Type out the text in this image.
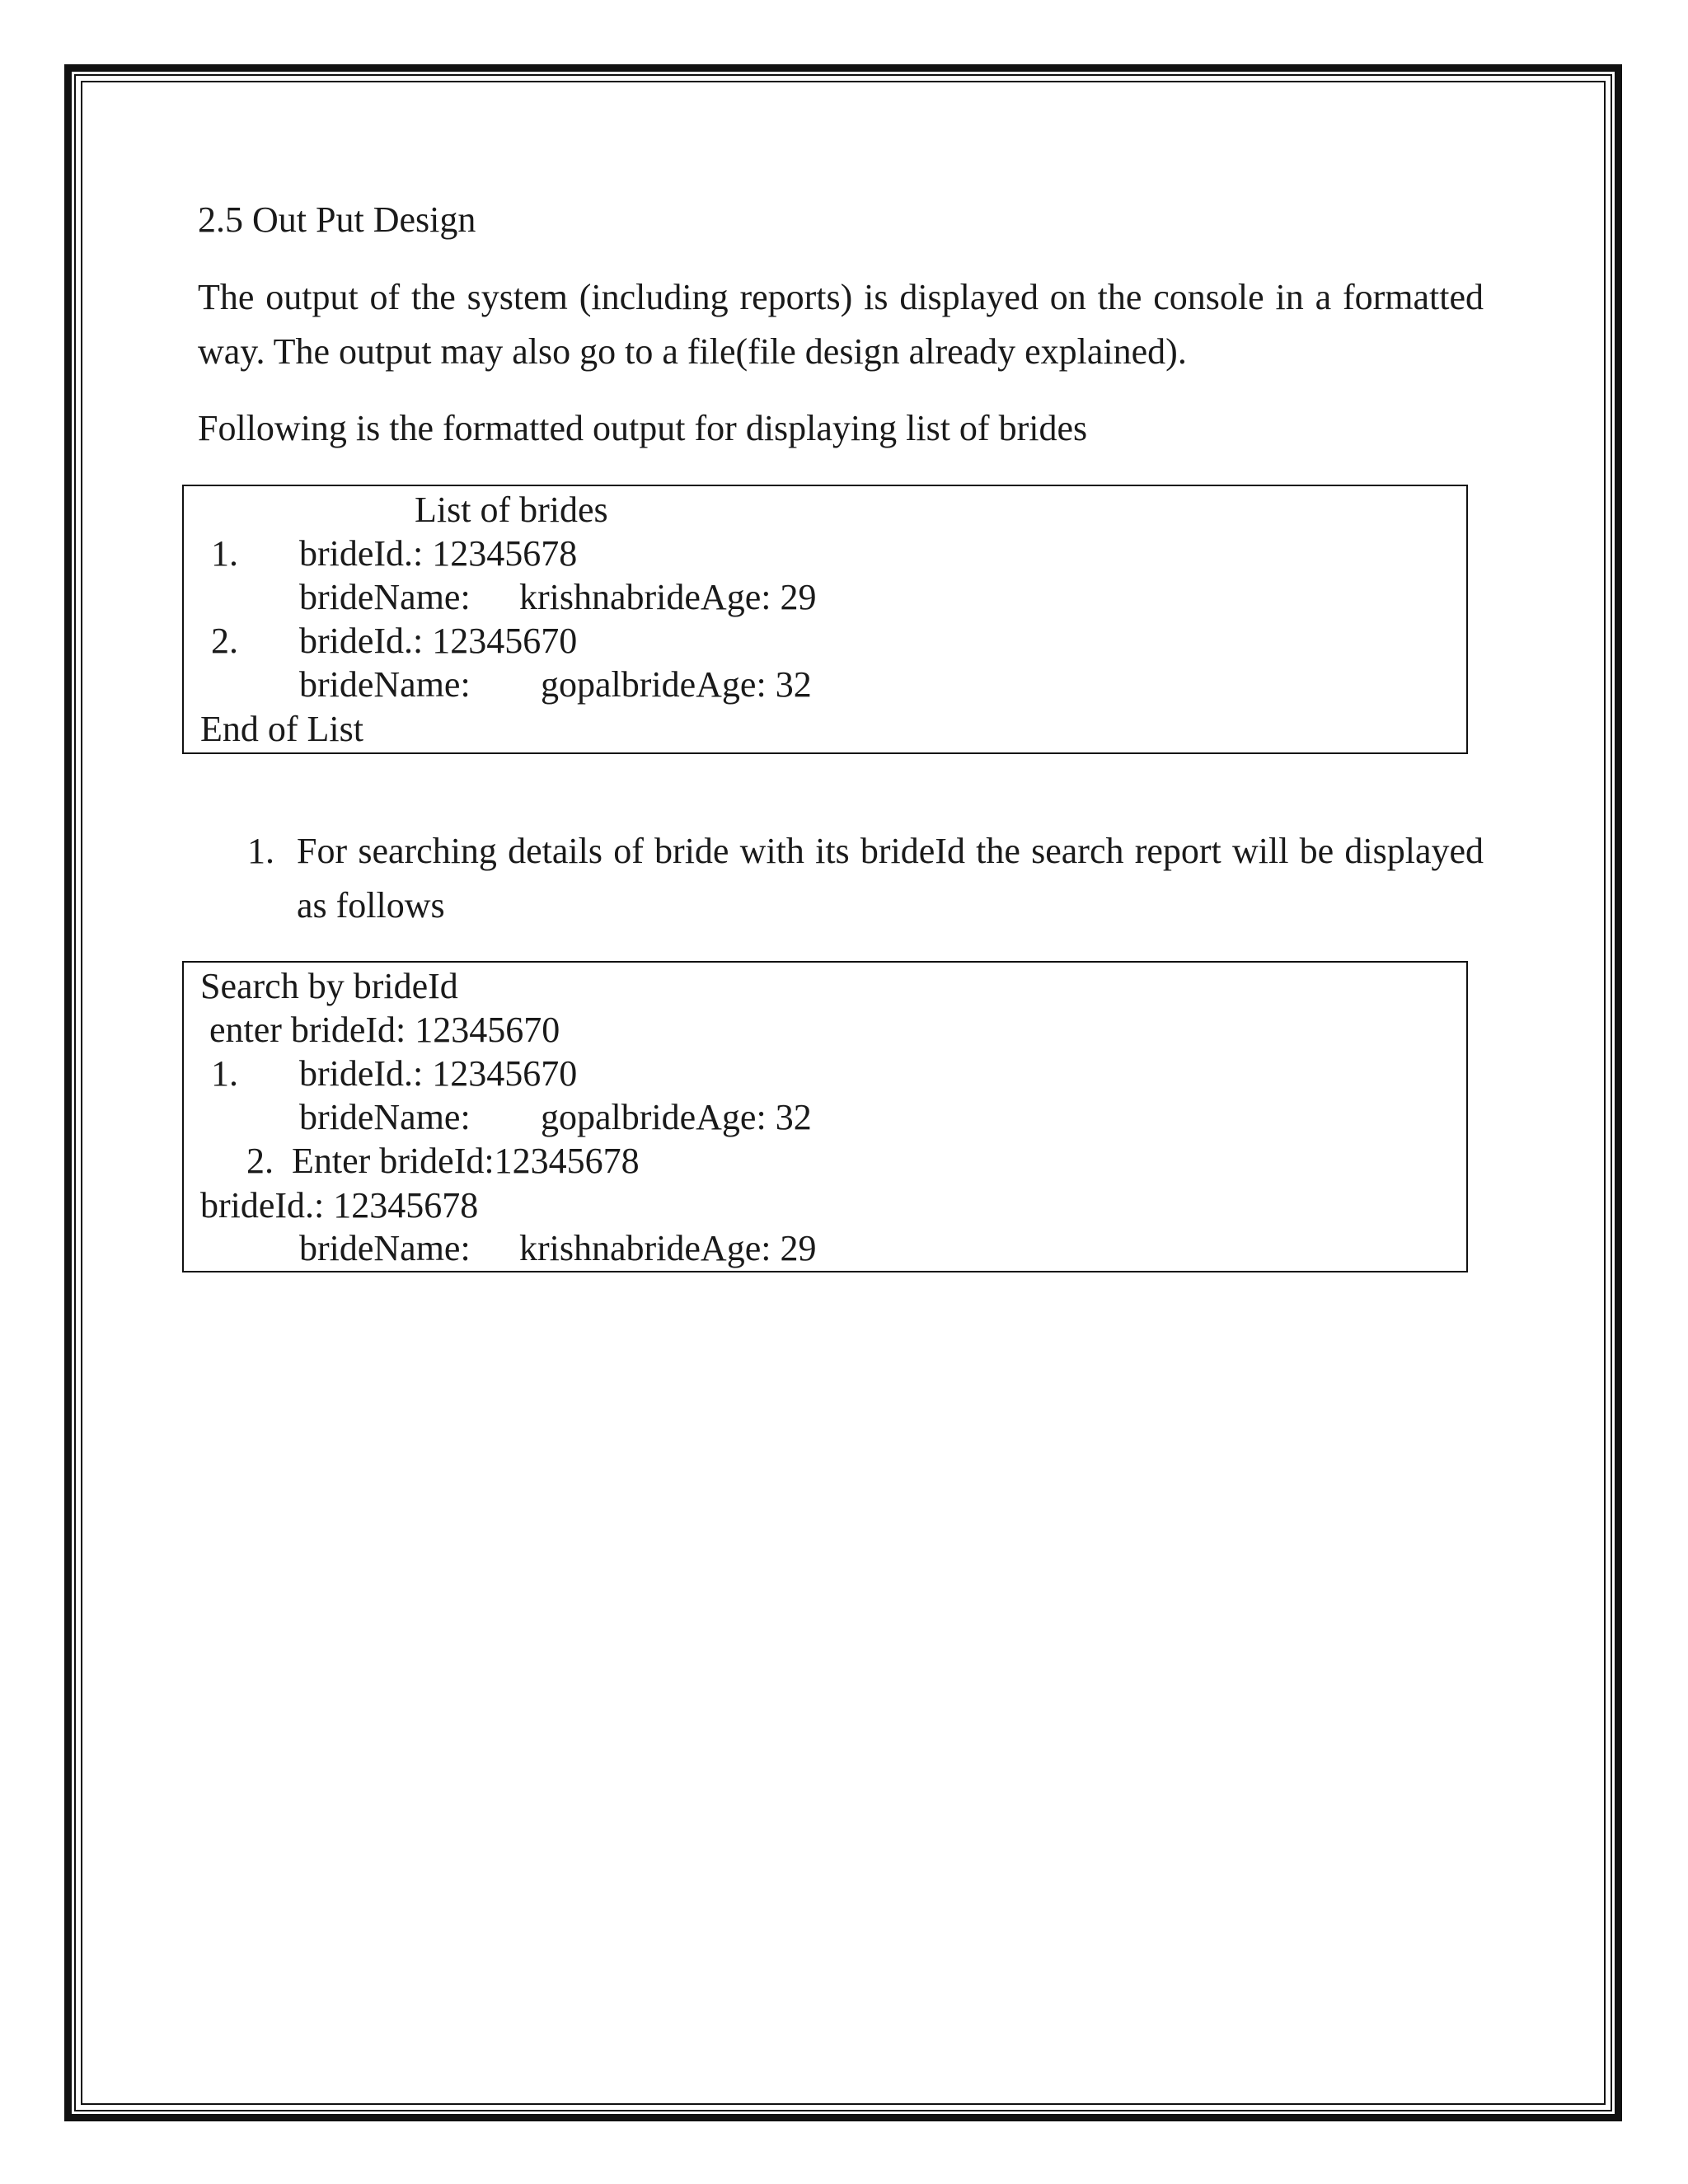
2.5 Out Put Design
The output of the system (including reports) is displayed on the console in a formatted way. The output may also go to a file(file design already explained).
Following is the formatted output for displaying list of brides
List of brides
1. brideId.: 12345678
brideName: krishnabrideAge: 29
2. brideId.: 12345670
brideName: gopalbrideAge: 32
End of List
1. For searching details of bride with its brideId the search report will be displayed as follows
Search by brideId
enter brideId: 12345670
1. brideId.: 12345670
brideName: gopalbrideAge: 32
2.  Enter brideId:12345678
brideId.: 12345678
brideName: krishnabrideAge: 29
